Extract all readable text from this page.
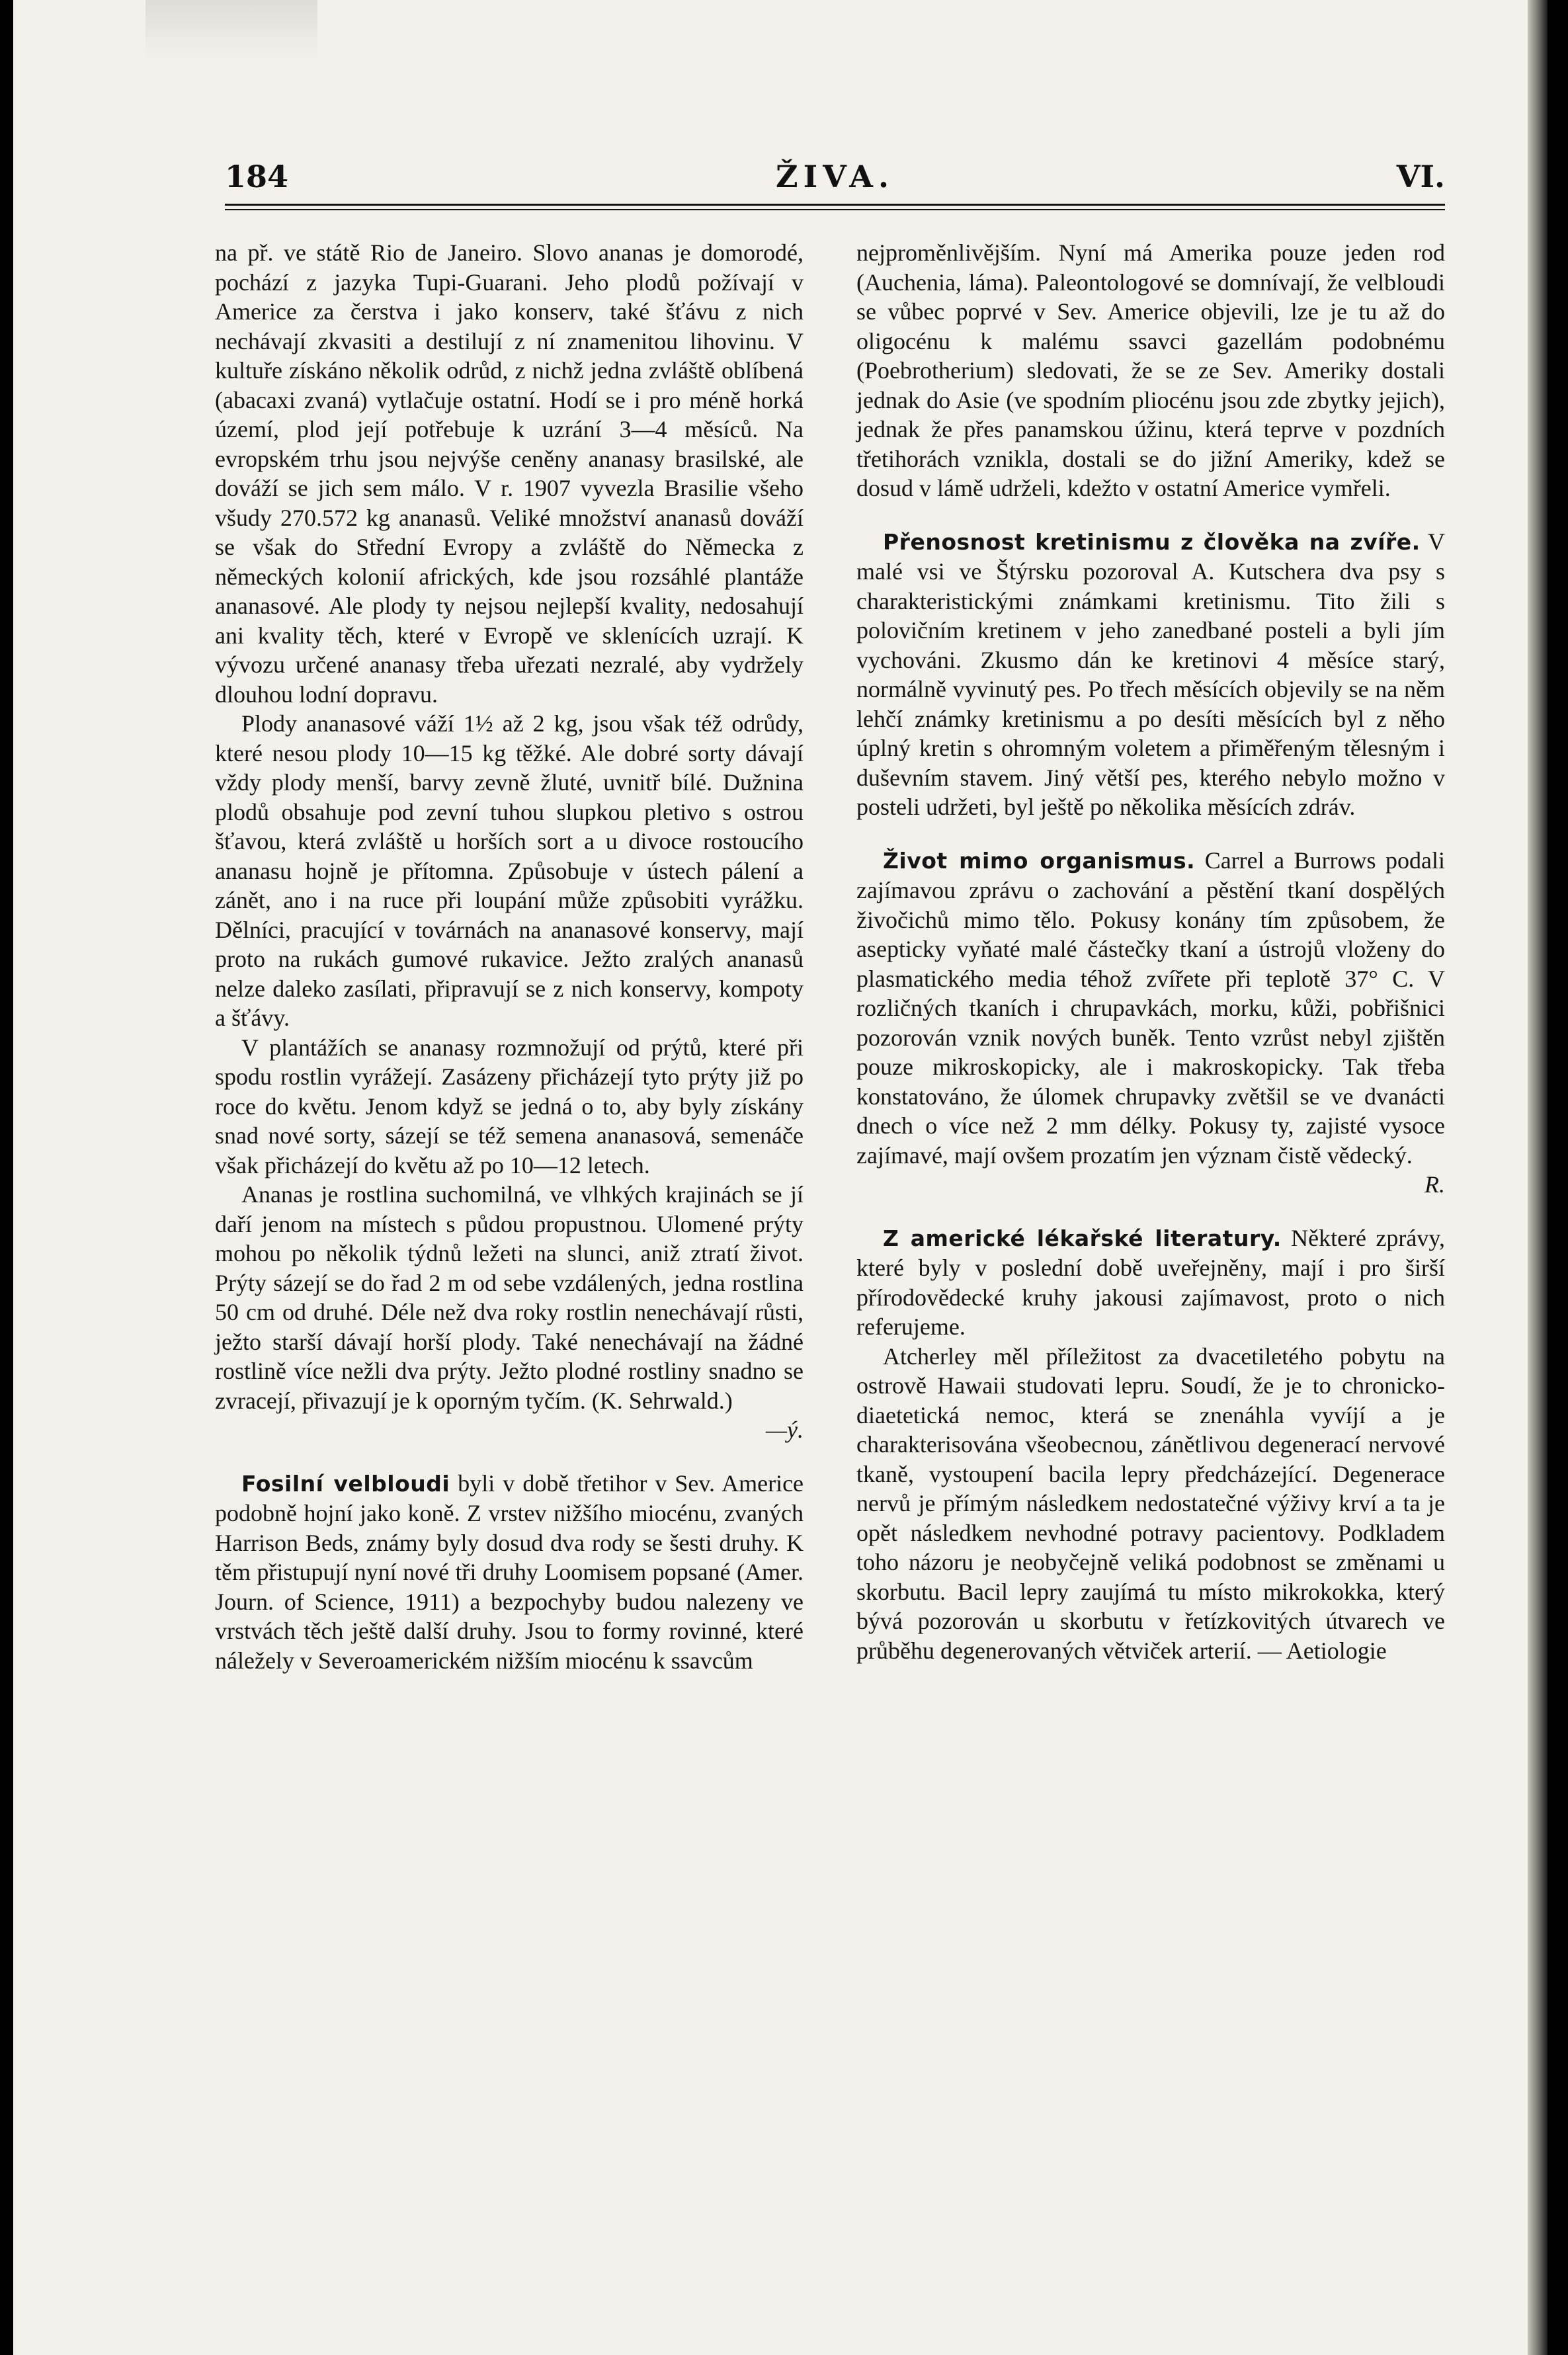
184	ŽIVA.	VI.

na př. ve státě Rio de Janeiro. Slovo ananas je domorodé, pochází z jazyka Tupi-Guarani. Jeho plodů požívají v Americe za čerstva i jako konserv, také šťávu z nich nechávají zkvasiti a destilují z ní znamenitou lihovinu. V kultuře získáno několik odrůd, z nichž jedna zvláště oblíbená (abacaxi zvaná) vytlačuje ostatní. Hodí se i pro méně horká území, plod její potřebuje k uzrání 3—4 měsíců. Na evropském trhu jsou nejvýše ceněny ananasy brasilské, ale dováží se jich sem málo. V r. 1907 vyvezla Brasilie všeho všudy 270.572 kg ananasů. Veliké množství ananasů dováží se však do Střední Evropy a zvláště do Německa z německých kolonií afrických, kde jsou rozsáhlé plantáže ananasové. Ale plody ty nejsou nejlepší kvality, nedosahují ani kvality těch, které v Evropě ve sklenících uzrají. K vývozu určené ananasy třeba uřezati nezralé, aby vydržely dlouhou lodní dopravu.

Plody ananasové váží 1½ až 2 kg, jsou však též odrůdy, které nesou plody 10—15 kg těžké. Ale dobré sorty dávají vždy plody menší, barvy zevně žluté, uvnitř bílé. Dužnina plodů obsahuje pod zevní tuhou slupkou pletivo s ostrou šťavou, která zvláště u horších sort a u divoce rostoucího ananasu hojně je přítomna. Způsobuje v ústech pálení a zánět, ano i na ruce při loupání může způsobiti vyrážku. Dělníci, pracující v továrnách na ananasové konservy, mají proto na rukách gumové rukavice. Ježto zralých ananasů nelze daleko zasílati, připravují se z nich konservy, kompoty a šťávy.

V plantážích se ananasy rozmnožují od prýtů, které při spodu rostlin vyrážejí. Zasázeny přicházejí tyto prýty již po roce do květu. Jenom když se jedná o to, aby byly získány snad nové sorty, sázejí se též semena ananasová, semenáče však přicházejí do květu až po 10—12 letech.

Ananas je rostlina suchomilná, ve vlhkých krajinách se jí daří jenom na místech s půdou propustnou. Ulomené prýty mohou po několik týdnů ležeti na slunci, aniž ztratí život. Prýty sázejí se do řad 2 m od sebe vzdálených, jedna rostlina 50 cm od druhé. Déle než dva roky rostlin nenechávají růsti, ježto starší dávají horší plody. Také nenechávají na žádné rostlině více nežli dva prýty. Ježto plodné rostliny snadno se zvracejí, přivazují je k oporným tyčím. (K. Sehrwald.)
—ý.

Fosilní velbloudi byli v době třetihor v Sev. Americe podobně hojní jako koně. Z vrstev nižšího miocénu, zvaných Harrison Beds, známy byly dosud dva rody se šesti druhy. K těm přistupují nyní nové tři druhy Loomisem popsané (Amer. Journ. of Science, 1911) a bezpochyby budou nalezeny ve vrstvách těch ještě další druhy. Jsou to formy rovinné, které náležely v Severoamerickém nižším miocénu k ssavcům

nejproměnlivějším. Nyní má Amerika pouze jeden rod (Auchenia, láma). Paleontologové se domnívají, že velbloudi se vůbec poprvé v Sev. Americe objevili, lze je tu až do oligocénu k malému ssavci gazellám podobnému (Poebrotherium) sledovati, že se ze Sev. Ameriky dostali jednak do Asie (ve spodním pliocénu jsou zde zbytky jejich), jednak že přes panamskou úžinu, která teprve v pozdních třetihorách vznikla, dostali se do jižní Ameriky, kdež se dosud v lámě udrželi, kdežto v ostatní Americe vymřeli.

Přenosnost kretinismu z člověka na zvíře. V malé vsi ve Štýrsku pozoroval A. Kutschera dva psy s charakteristickými známkami kretinismu. Tito žili s polovičním kretinem v jeho zanedbané posteli a byli jím vychováni. Zkusmo dán ke kretinovi 4 měsíce starý, normálně vyvinutý pes. Po třech měsících objevily se na něm lehčí známky kretinismu a po desíti měsících byl z něho úplný kretin s ohromným voletem a přiměřeným tělesným i duševním stavem. Jiný větší pes, kterého nebylo možno v posteli udržeti, byl ještě po několika měsících zdráv.

Život mimo organismus. Carrel a Burrows podali zajímavou zprávu o zachování a pěstění tkaní dospělých živočichů mimo tělo. Pokusy konány tím způsobem, že asepticky vyňaté malé částečky tkaní a ústrojů vloženy do plasmatického media téhož zvířete při teplotě 37° C. V rozličných tkaních i chrupavkách, morku, kůži, pobřišnici pozorován vznik nových buněk. Tento vzrůst nebyl zjištěn pouze mikroskopicky, ale i makroskopicky. Tak třeba konstatováno, že úlomek chrupavky zvětšil se ve dvanácti dnech o více než 2 mm délky. Pokusy ty, zajisté vysoce zajímavé, mají ovšem prozatím jen význam čistě vědecký.
R.

Z americké lékařské literatury. Některé zprávy, které byly v poslední době uveřejněny, mají i pro širší přírodovědecké kruhy jakousi zajímavost, proto o nich referujeme.

Atcherley měl příležitost za dvacetiletého pobytu na ostrově Hawaii studovati lepru. Soudí, že je to chronicko-diaetetická nemoc, která se znenáhla vyvíjí a je charakterisována všeobecnou, zánětlivou degenerací nervové tkaně, vystoupení bacila lepry předcházející. Degenerace nervů je přímým následkem nedostatečné výživy krví a ta je opět následkem nevhodné potravy pacientovy. Podkladem toho názoru je neobyčejně veliká podobnost se změnami u skorbutu. Bacil lepry zaujímá tu místo mikrokokka, který bývá pozorován u skorbutu v řetízkovitých útvarech ve průběhu degenerovaných větviček arterií. — Aetiologie
